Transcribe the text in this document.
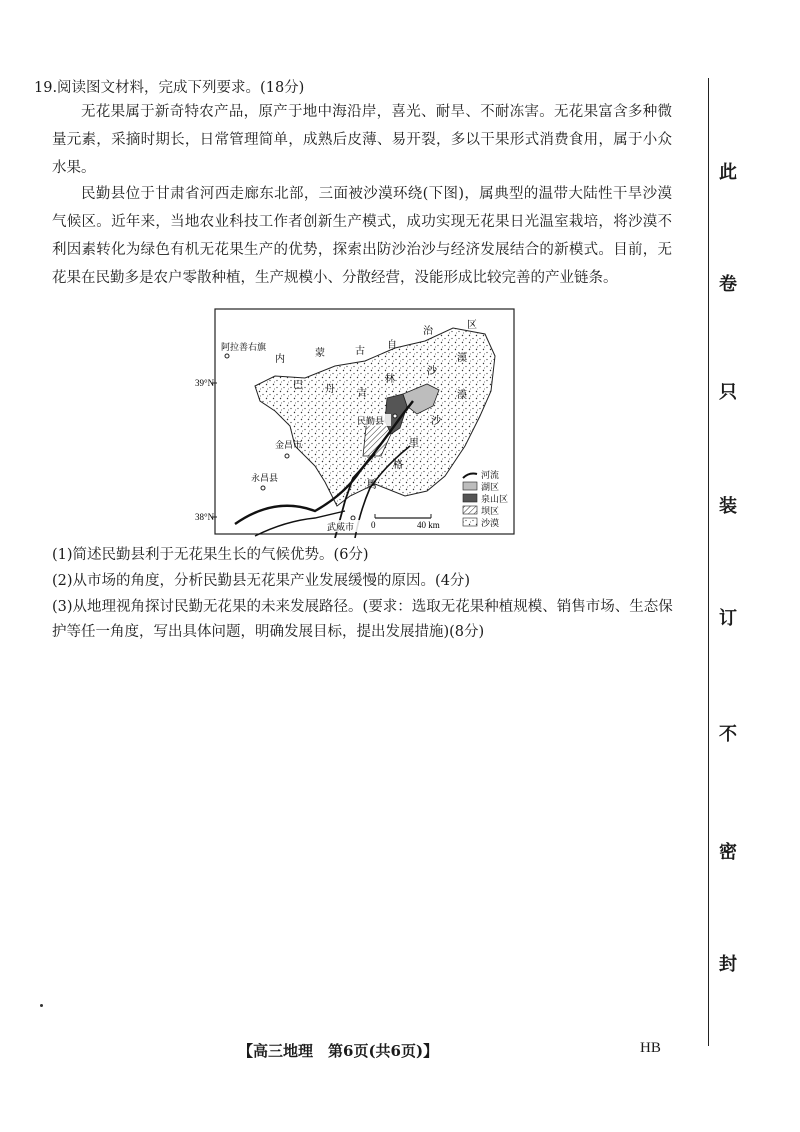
19.阅读图文材料，完成下列要求。(18分)

无花果属于新奇特农产品，原产于地中海沿岸，喜光、耐旱、不耐冻害。无花果富含多种微量元素，采摘时期长，日常管理简单，成熟后皮薄、易开裂，多以干果形式消费食用，属于小众水果。

民勤县位于甘肃省河西走廊东北部，三面被沙漠环绕(下图)，属典型的温带大陆性干旱沙漠气候区。近年来，当地农业科技工作者创新生产模式，成功实现无花果日光温室栽培，将沙漠不利因素转化为绿色有机无花果生产的优势，探索出防沙治沙与经济发展结合的新模式。目前，无花果在民勤多是农户零散种植，生产规模小、分散经营，没能形成比较完善的产业链条。

39°N
38°N
内
蒙	古
自
治
区
巴 丹 吉
林
沙
漠
腾
格
里
沙
漠
阿拉善右旗
金昌市
永昌县
民勤县
武威市 0	40 km
河流
湖区
泉山区
坝区
沙漠

(1)简述民勤县利于无花果生长的气候优势。(6分)

(2)从市场的角度，分析民勤县无花果产业发展缓慢的原因。(4分)

(3)从地理视角探讨民勤无花果的未来发展路径。(要求：选取无花果种植规模、销售市场、生态保护等任一角度，写出具体问题，明确发展目标，提出发展措施)(8分)

此
卷
只
装
订
不
密
封
【高三地理　第6页(共6页)】	HB
